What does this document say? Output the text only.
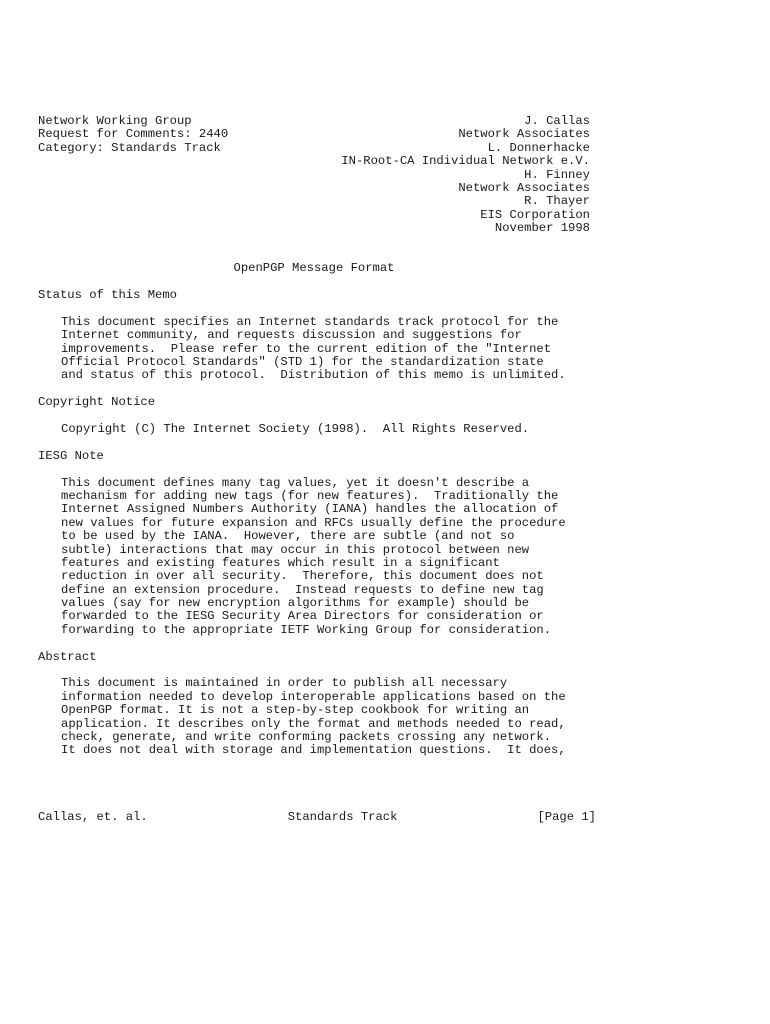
Network Working Group	J. Callas
Request for Comments: 2440	Network Associates
Category: Standards Track	L. Donnerhacke
IN-Root-CA Individual Network e.V.
H. Finney
Network Associates
R. Thayer
EIS Corporation
November 1998
OpenPGP Message Format
Status of this Memo
This document specifies an Internet standards track protocol for the
Internet community, and requests discussion and suggestions for
improvements.  Please refer to the current edition of the "Internet
Official Protocol Standards" (STD 1) for the standardization state
and status of this protocol.  Distribution of this memo is unlimited.
Copyright Notice
Copyright (C) The Internet Society (1998).  All Rights Reserved.
IESG Note
This document defines many tag values, yet it doesn't describe a
mechanism for adding new tags (for new features).  Traditionally the
Internet Assigned Numbers Authority (IANA) handles the allocation of
new values for future expansion and RFCs usually define the procedure
to be used by the IANA.  However, there are subtle (and not so
subtle) interactions that may occur in this protocol between new
features and existing features which result in a significant
reduction in over all security.  Therefore, this document does not
define an extension procedure.  Instead requests to define new tag
values (say for new encryption algorithms for example) should be
forwarded to the IESG Security Area Directors for consideration or
forwarding to the appropriate IETF Working Group for consideration.
Abstract
This document is maintained in order to publish all necessary
information needed to develop interoperable applications based on the
OpenPGP format. It is not a step-by-step cookbook for writing an
application. It describes only the format and methods needed to read,
check, generate, and write conforming packets crossing any network.
It does not deal with storage and implementation questions.  It does,
Callas, et. al.	Standards Track	[Page 1]
